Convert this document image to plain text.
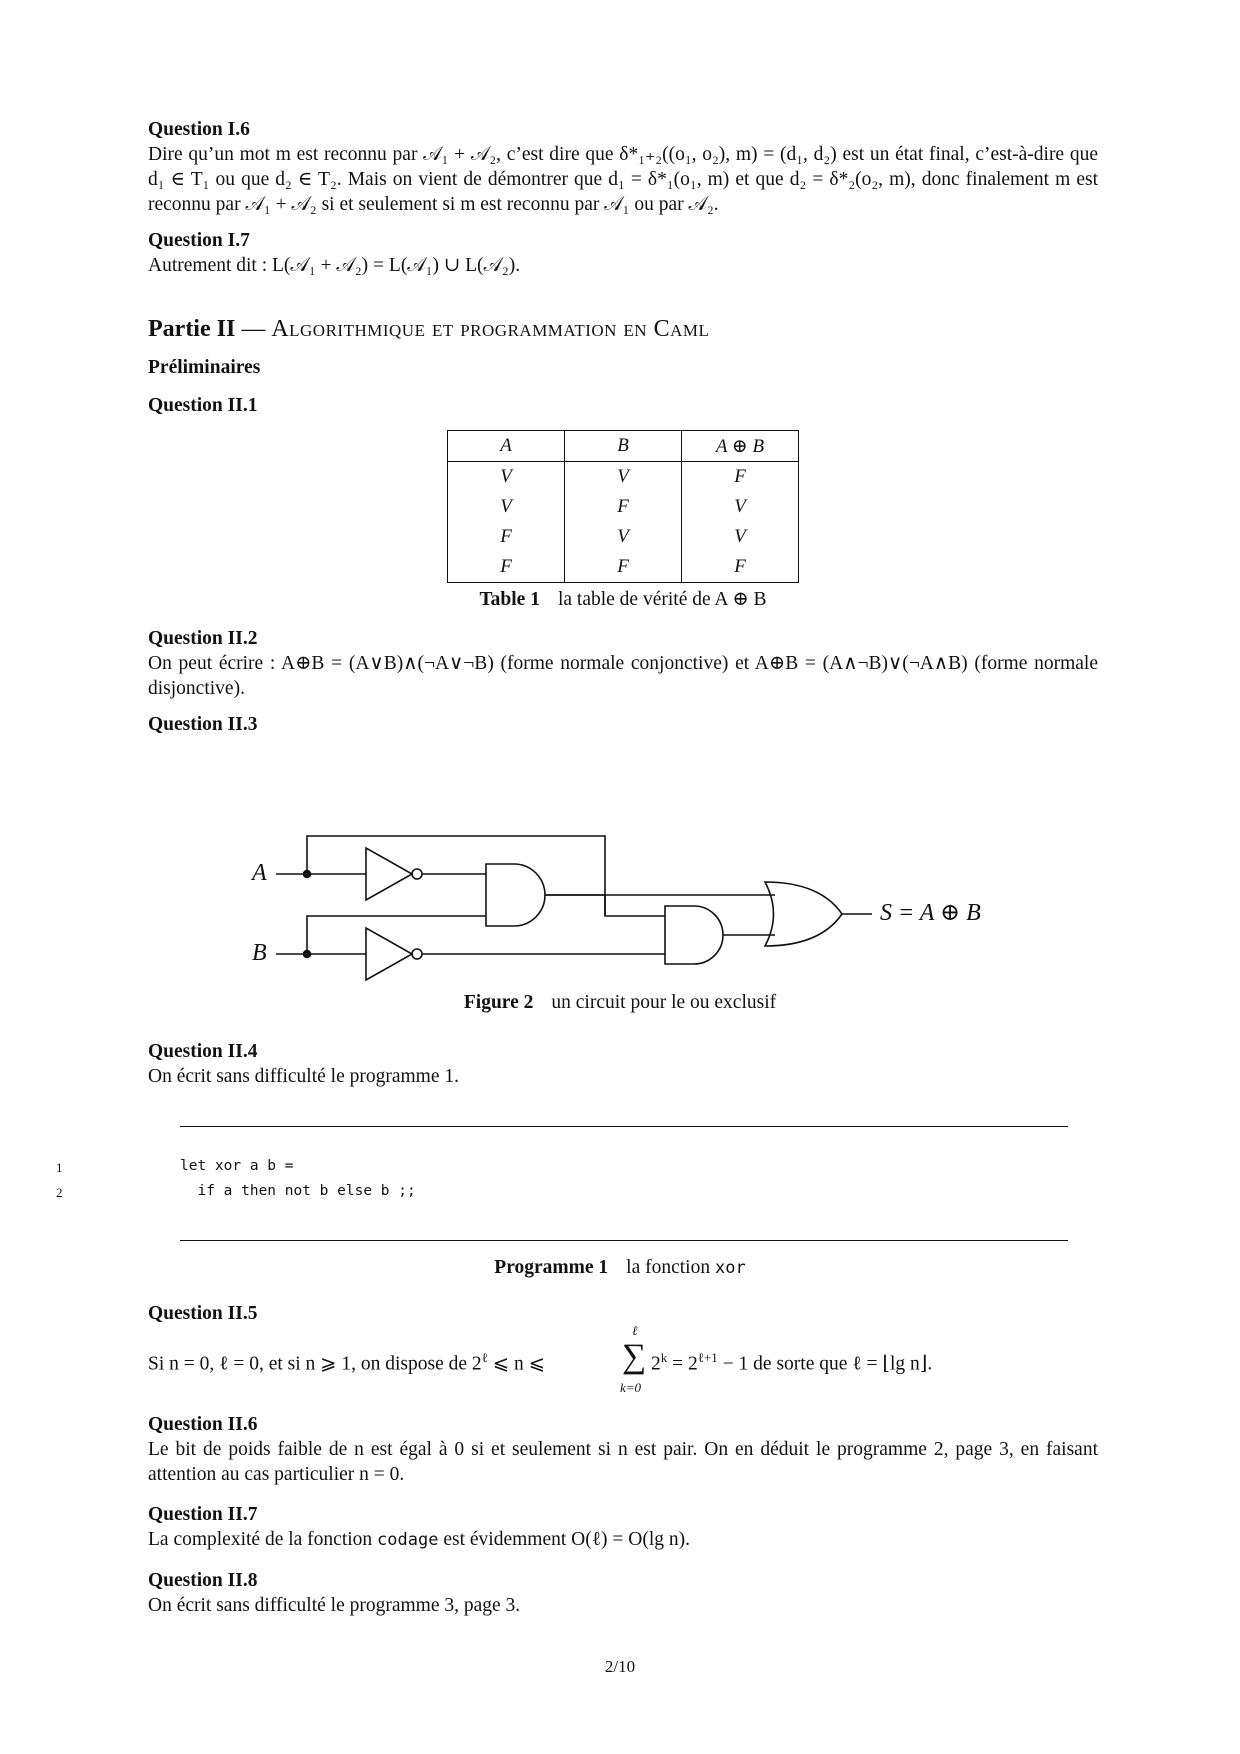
Question I.6

Dire qu’un mot m est reconnu par 𝒜₁ + 𝒜₂, c’est dire que δ*₁₊₂((o₁, o₂), m) = (d₁, d₂) est un état final, c’est-à-dire que d₁ ∈ T₁ ou que d₂ ∈ T₂. Mais on vient de démontrer que d₁ = δ*₁(o₁, m) et que d₂ = δ*₂(o₂, m), donc finalement m est reconnu par 𝒜₁ + 𝒜₂ si et seulement si m est reconnu par 𝒜₁ ou par 𝒜₂.

Question I.7

Autrement dit : L(𝒜₁ + 𝒜₂) = L(𝒜₁) ∪ L(𝒜₂).

Partie II — Algorithmique et programmation en Caml

Préliminaires

Question II.1

A	B	A ⊕ B
V	V	F
V	F	V
F	V	V
F	F	F

Table 1 la table de vérité de A ⊕ B

Question II.2

On peut écrire : A⊕B = (A∨B)∧(¬A∨¬B) (forme normale conjonctive) et A⊕B = (A∧¬B)∨(¬A∧B) (forme normale disjonctive).

Question II.3

A
B
S = A ⊕ B

Figure 2 un circuit pour le ou exclusif

Question II.4

On écrit sans difficulté le programme 1.

1
2
let xor a b =
if a then not b else b ;;

Programme 1 la fonction xor

Question II.5

Si n = 0, ℓ = 0, et si n ⩾ 1, on dispose de $2^\ell$ ⩽ n ⩽
ℓ
∑
k=0
$2^k = 2^{\ell+1} - 1$ de sorte que ℓ = ⌊lg n⌋.

Question II.6

Le bit de poids faible de n est égal à 0 si et seulement si n est pair. On en déduit le programme 2, page 3, en faisant attention au cas particulier n = 0.

Question II.7

La complexité de la fonction codage est évidemment O(ℓ) = O(lg n).

Question II.8

On écrit sans difficulté le programme 3, page 3.

2/10
